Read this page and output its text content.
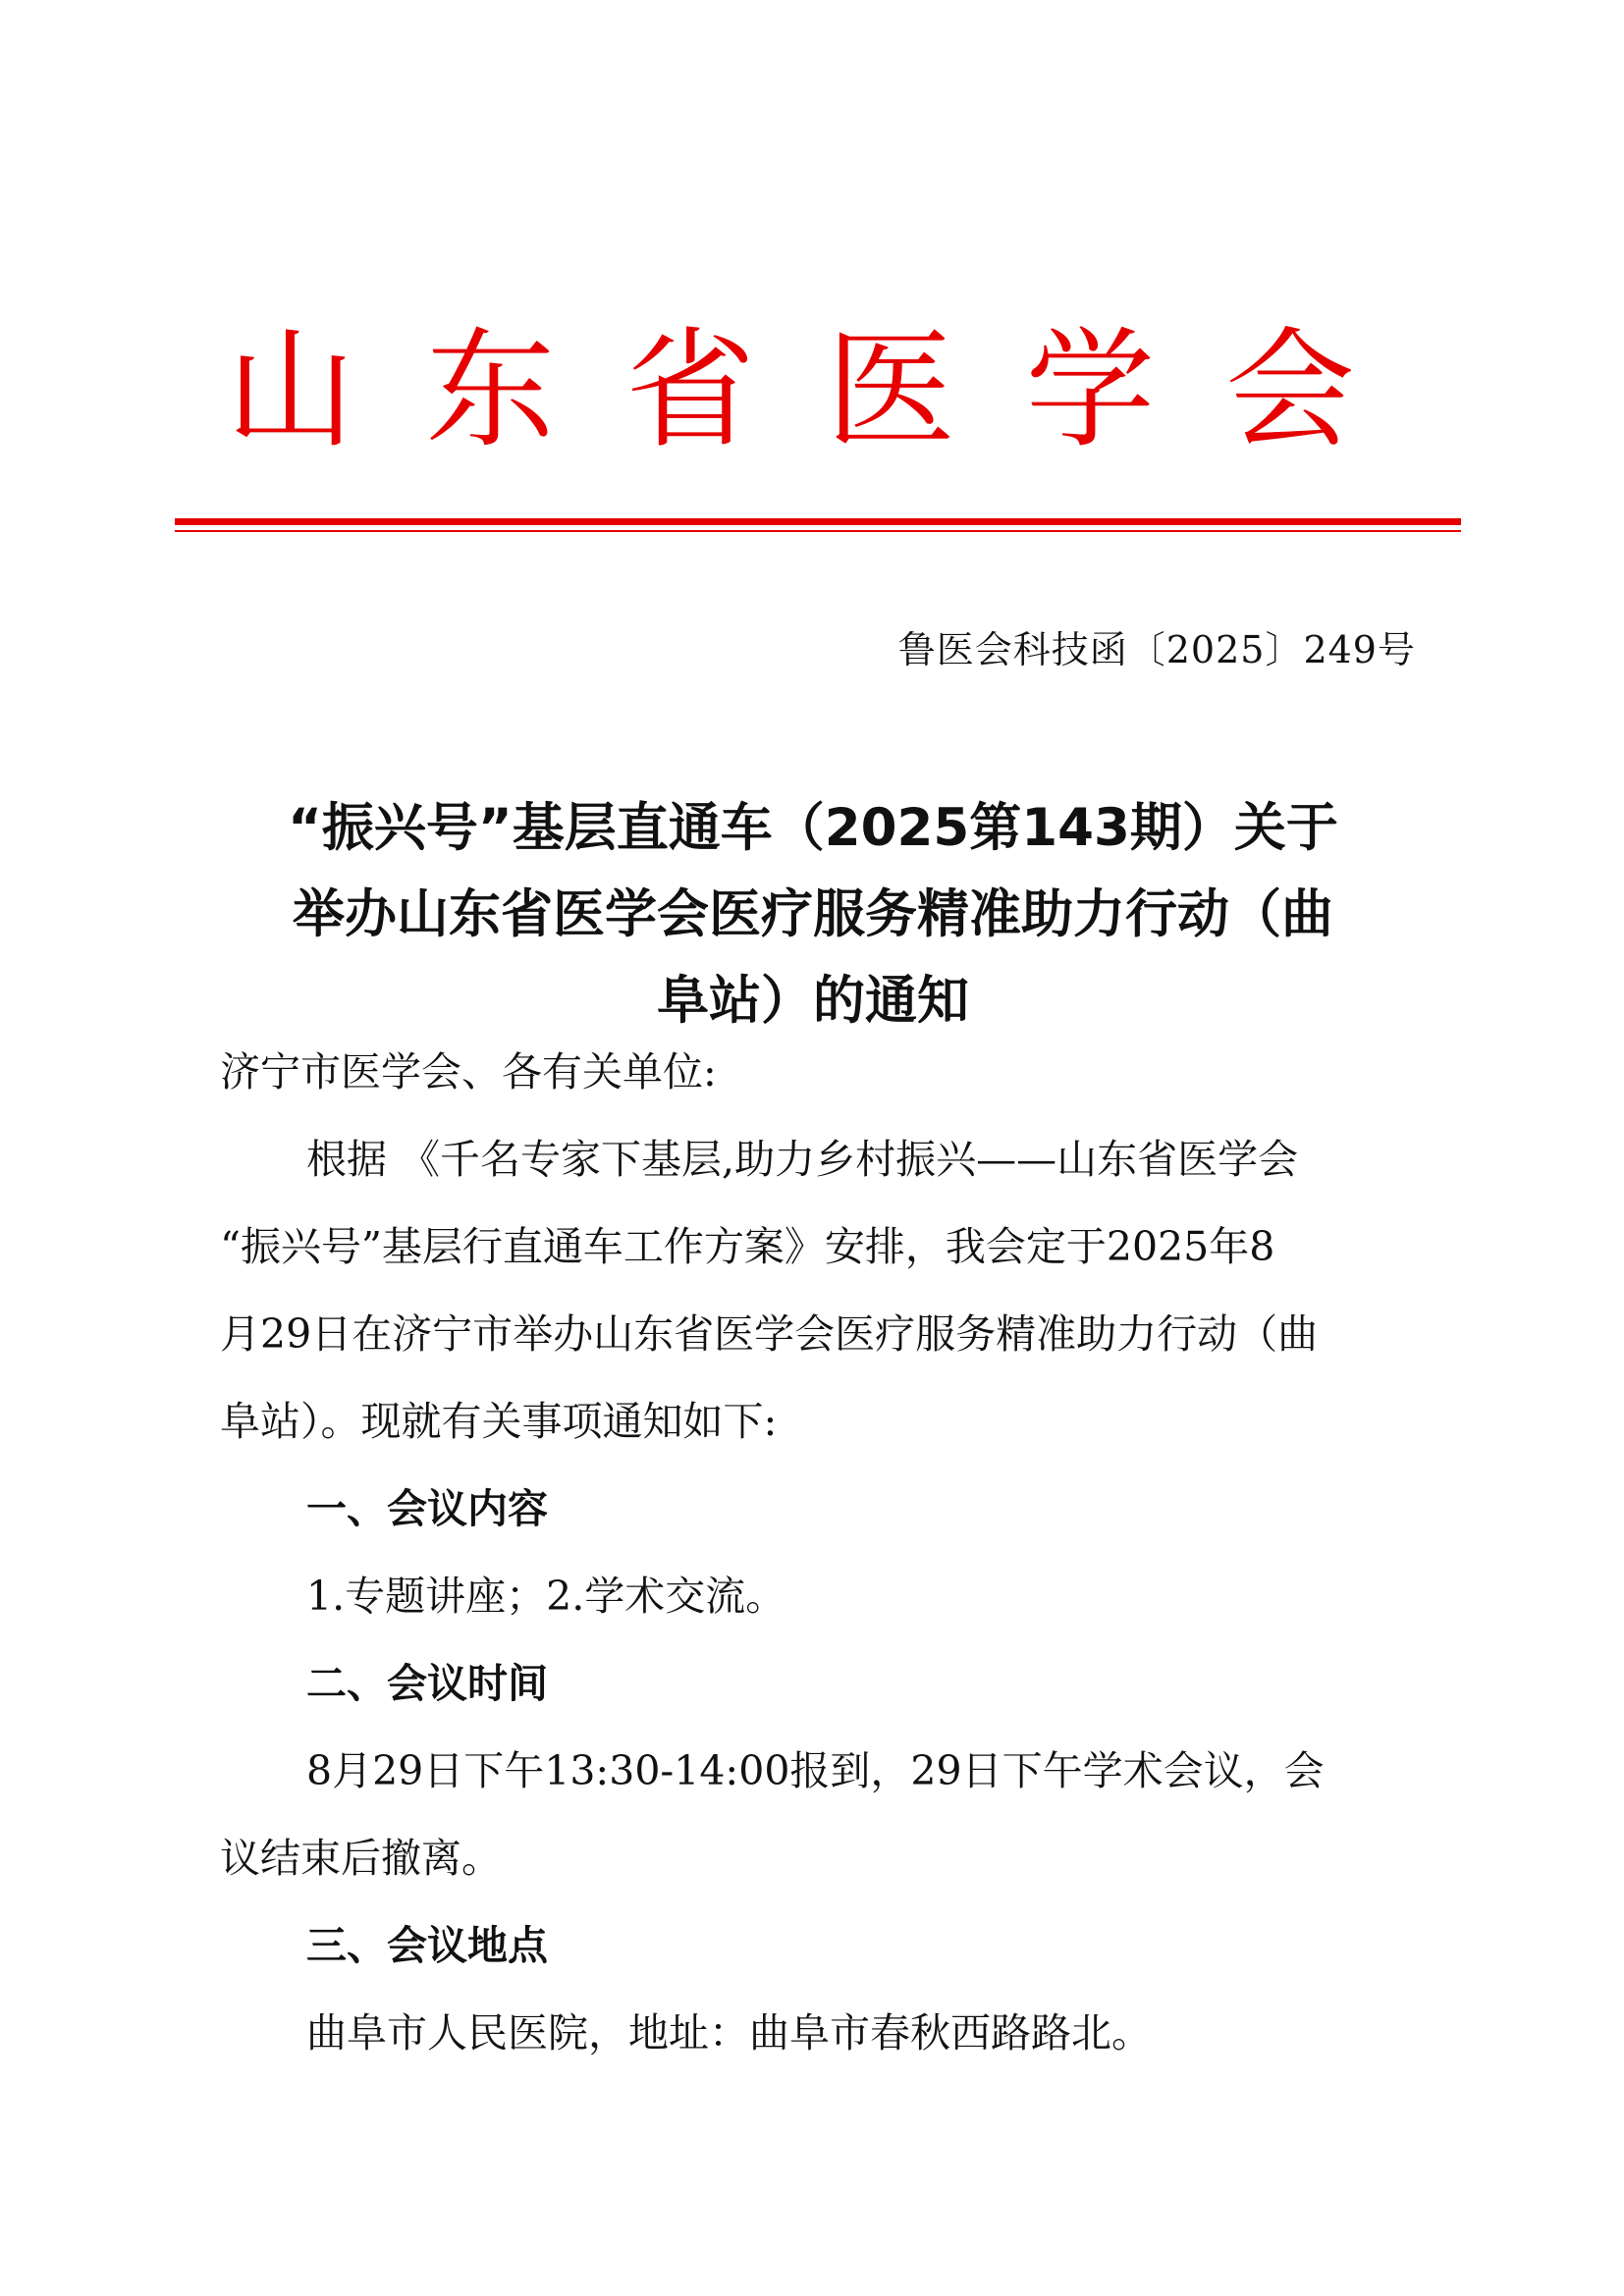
山 东 省 医 学 会
鲁医会科技函〔2025〕249号
“振兴号”基层直通车（2025第143期）关于
举办山东省医学会医疗服务精准助力行动（曲
阜站）的通知
济宁市医学会、各有关单位:
根据 《千名专家下基层,助力乡村振兴——山东省医学会
“振兴号”基层行直通车工作方案》安排，我会定于2025年8
月29日在济宁市举办山东省医学会医疗服务精准助力行动（曲
阜站）。现就有关事项通知如下:
一、会议内容
1.专题讲座；2.学术交流。
二、会议时间
8月29日下午13:30-14:00报到，29日下午学术会议，会
议结束后撤离。
三、会议地点
曲阜市人民医院，地址：曲阜市春秋西路路北。
